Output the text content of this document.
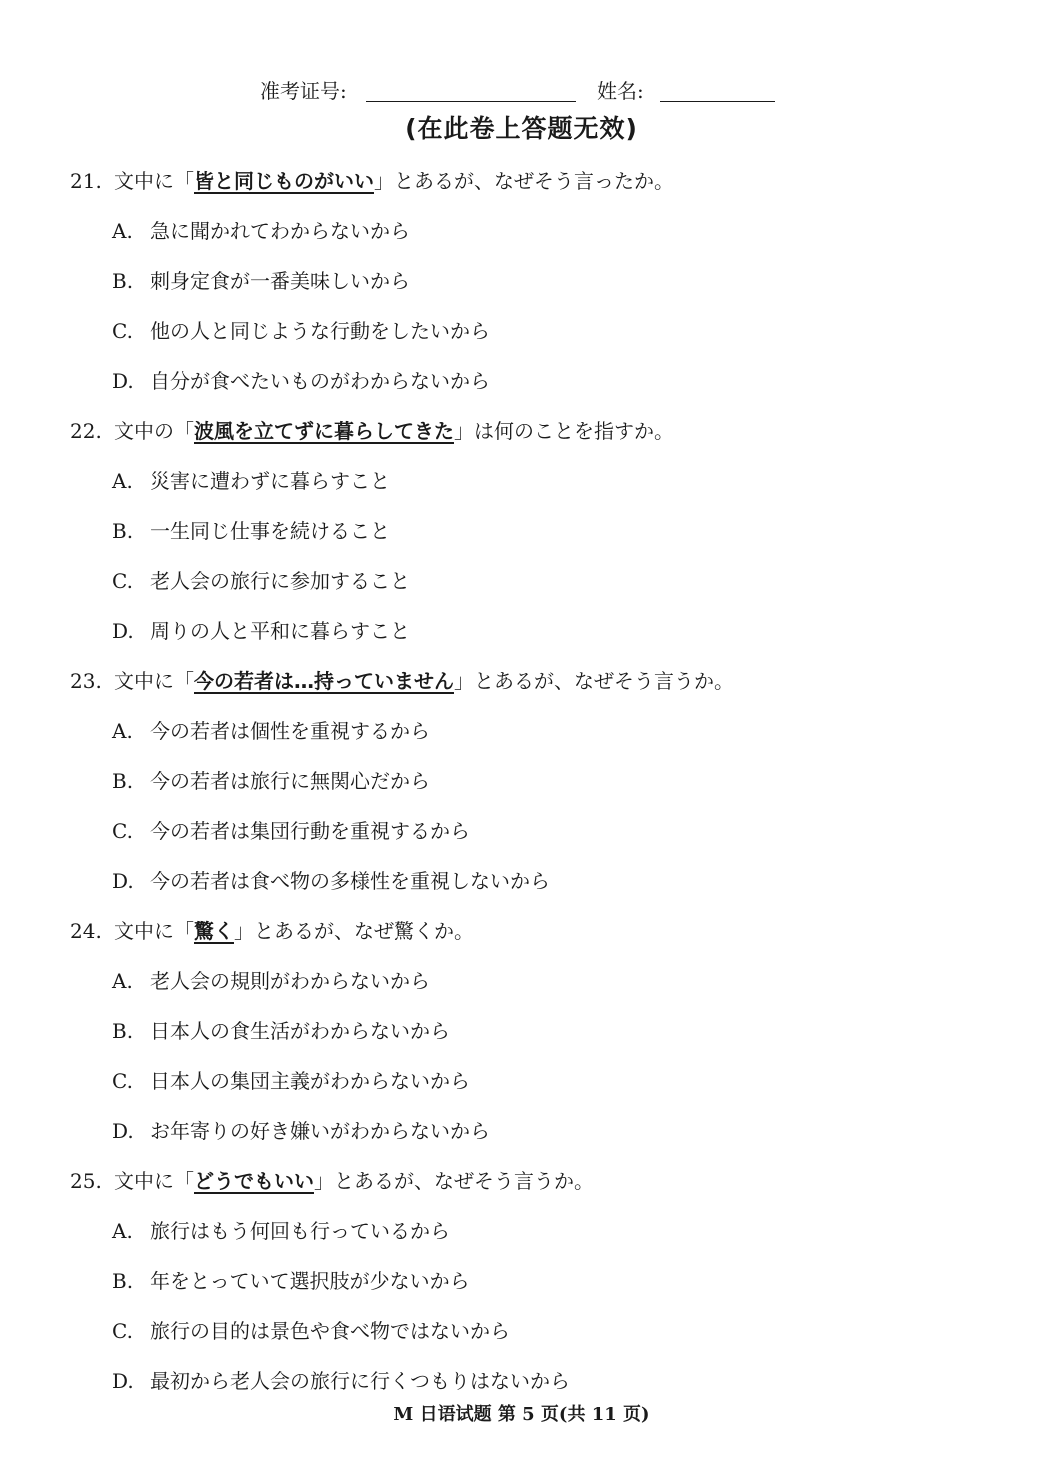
准考证号:	姓名:
(在此卷上答题无效)
21. 文中に「皆と同じものがいい」とあるが、なぜそう言ったか。
A. 急に聞かれてわからないから
B. 刺身定食が一番美味しいから
C. 他の人と同じような行動をしたいから
D. 自分が食べたいものがわからないから
22. 文中の「波風を立てずに暮らしてきた」は何のことを指すか。
A. 災害に遭わずに暮らすこと
B. 一生同じ仕事を続けること
C. 老人会の旅行に参加すること
D. 周りの人と平和に暮らすこと
23. 文中に「今の若者は…持っていません」とあるが、なぜそう言うか。
A. 今の若者は個性を重視するから
B. 今の若者は旅行に無関心だから
C. 今の若者は集団行動を重視するから
D. 今の若者は食べ物の多様性を重視しないから
24. 文中に「驚く」とあるが、なぜ驚くか。
A. 老人会の規則がわからないから
B. 日本人の食生活がわからないから
C. 日本人の集団主義がわからないから
D. お年寄りの好き嫌いがわからないから
25. 文中に「どうでもいい」とあるが、なぜそう言うか。
A. 旅行はもう何回も行っているから
B. 年をとっていて選択肢が少ないから
C. 旅行の目的は景色や食べ物ではないから
D. 最初から老人会の旅行に行くつもりはないから
M 日语试题 第 5 页(共 11 页)
